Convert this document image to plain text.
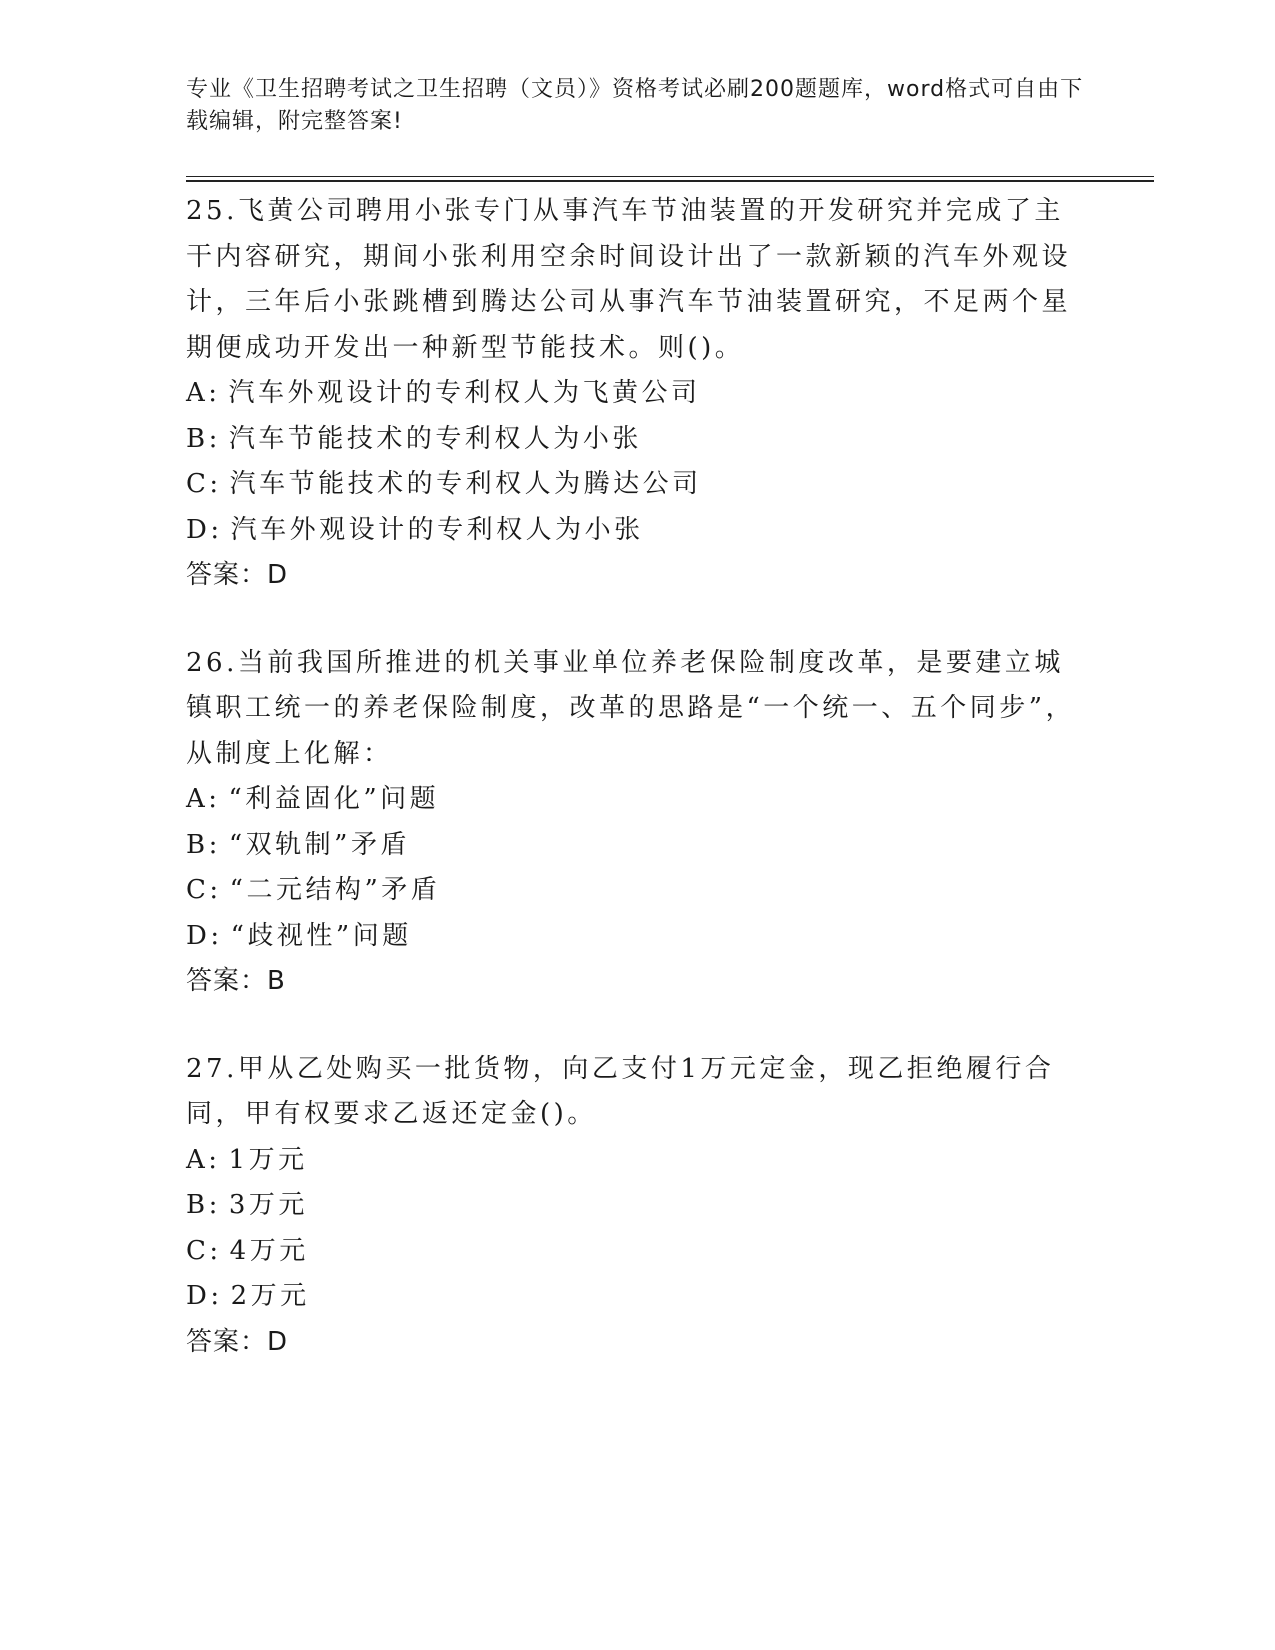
专业《卫生招聘考试之卫生招聘（文员）》资格考试必刷200题题库，word格式可自由下载编辑，附完整答案!

25.飞黄公司聘用小张专门从事汽车节油装置的开发研究并完成了主干内容研究，期间小张利用空余时间设计出了一款新颖的汽车外观设计，三年后小张跳槽到腾达公司从事汽车节油装置研究，不足两个星期便成功开发出一种新型节能技术。则()。

A: 汽车外观设计的专利权人为飞黄公司
B: 汽车节能技术的专利权人为小张
C: 汽车节能技术的专利权人为腾达公司
D: 汽车外观设计的专利权人为小张

答案：D

26.当前我国所推进的机关事业单位养老保险制度改革，是要建立城镇职工统一的养老保险制度，改革的思路是“一个统一、五个同步”，从制度上化解：

A: “利益固化”问题
B: “双轨制”矛盾
C: “二元结构”矛盾
D: “歧视性”问题

答案：B

27.甲从乙处购买一批货物，向乙支付1万元定金，现乙拒绝履行合同，甲有权要求乙返还定金()。

A: 1万元
B: 3万元
C: 4万元
D: 2万元

答案：D
